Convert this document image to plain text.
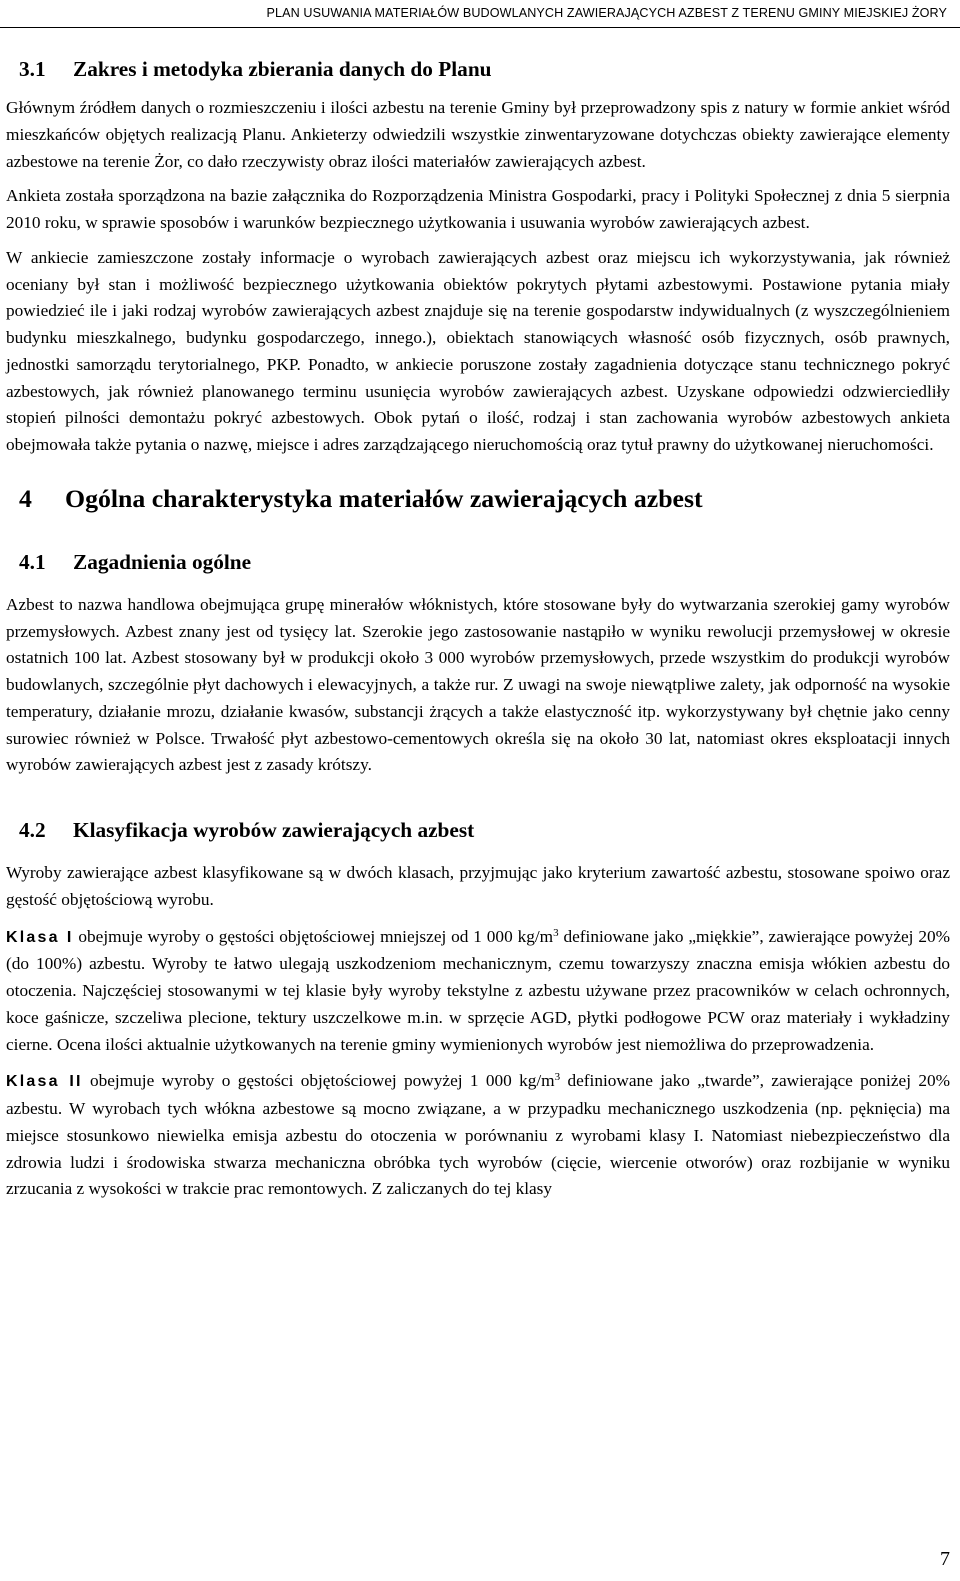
PLAN USUWANIA MATERIAŁÓW BUDOWLANYCH ZAWIERAJĄCYCH AZBEST Z TERENU GMINY MIEJSKIEJ ŻORY
3.1	Zakres i metodyka zbierania danych do Planu

Głównym źródłem danych o rozmieszczeniu i ilości azbestu na terenie Gminy był przeprowadzony spis z natury w formie ankiet wśród mieszkańców objętych realizacją Planu. Ankieterzy odwiedzili wszystkie zinwentaryzowane dotychczas obiekty zawierające elementy azbestowe na terenie Żor, co dało rzeczywisty obraz ilości materiałów zawierających azbest.

Ankieta została sporządzona na bazie załącznika do Rozporządzenia Ministra Gospodarki, pracy i Polityki Społecznej z dnia 5 sierpnia 2010 roku, w sprawie sposobów i warunków bezpiecznego użytkowania i usuwania wyrobów zawierających azbest.

W ankiecie zamieszczone zostały informacje o wyrobach zawierających azbest oraz miejscu ich wykorzystywania, jak również oceniany był stan i możliwość bezpiecznego użytkowania obiektów pokrytych płytami azbestowymi. Postawione pytania miały powiedzieć ile i jaki rodzaj wyrobów zawierających azbest znajduje się na terenie gospodarstw indywidualnych (z wyszczególnieniem budynku mieszkalnego, budynku gospodarczego, innego.), obiektach stanowiących własność osób fizycznych, osób prawnych, jednostki samorządu terytorialnego, PKP. Ponadto, w ankiecie poruszone zostały zagadnienia dotyczące stanu technicznego pokryć azbestowych, jak również planowanego terminu usunięcia wyrobów zawierających azbest. Uzyskane odpowiedzi odzwierciedliły stopień pilności demontażu pokryć azbestowych. Obok pytań o ilość, rodzaj i stan zachowania wyrobów azbestowych ankieta obejmowała także pytania o nazwę, miejsce i adres zarządzającego nieruchomością oraz tytuł prawny do użytkowanej nieruchomości.

4	Ogólna charakterystyka materiałów zawierających azbest
4.1	Zagadnienia ogólne

Azbest to nazwa handlowa obejmująca grupę minerałów włóknistych, które stosowane były do wytwarzania szerokiej gamy wyrobów przemysłowych. Azbest znany jest od tysięcy lat. Szerokie jego zastosowanie nastąpiło w wyniku rewolucji przemysłowej w okresie ostatnich 100 lat. Azbest stosowany był w produkcji około 3 000 wyrobów przemysłowych, przede wszystkim do produkcji wyrobów budowlanych, szczególnie płyt dachowych i elewacyjnych, a także rur. Z uwagi na swoje niewątpliwe zalety, jak odporność na wysokie temperatury, działanie mrozu, działanie kwasów, substancji żrących a także elastyczność itp. wykorzystywany był chętnie jako cenny surowiec również w Polsce. Trwałość płyt azbestowo-cementowych określa się na około 30 lat, natomiast okres eksploatacji innych wyrobów zawierających azbest jest z zasady krótszy.

4.2	Klasyfikacja wyrobów zawierających azbest

Wyroby zawierające azbest klasyfikowane są w dwóch klasach, przyjmując jako kryterium zawartość azbestu, stosowane spoiwo oraz gęstość objętościową wyrobu.

Klasa I obejmuje wyroby o gęstości objętościowej mniejszej od 1 000 $kg/m^3$ definiowane jako „miękkie”, zawierające powyżej 20% (do 100%) azbestu. Wyroby te łatwo ulegają uszkodzeniom mechanicznym, czemu towarzyszy znaczna emisja włókien azbestu do otoczenia. Najczęściej stosowanymi w tej klasie były wyroby tekstylne z azbestu używane przez pracowników w celach ochronnych, koce gaśnicze, szczeliwa plecione, tektury uszczelkowe m.in. w sprzęcie AGD, płytki podłogowe PCW oraz materiały i wykładziny cierne. Ocena ilości aktualnie użytkowanych na terenie gminy wymienionych wyrobów jest niemożliwa do przeprowadzenia.

Klasa II obejmuje wyroby o gęstości objętościowej powyżej 1 000 $kg/m^3$ definiowane jako „twarde”, zawierające poniżej 20% azbestu. W wyrobach tych włókna azbestowe są mocno związane, a w przypadku mechanicznego uszkodzenia (np. pęknięcia) ma miejsce stosunkowo niewielka emisja azbestu do otoczenia w porównaniu z wyrobami klasy I. Natomiast niebezpieczeństwo dla zdrowia ludzi i środowiska stwarza mechaniczna obróbka tych wyrobów (cięcie, wiercenie otworów) oraz rozbijanie w wyniku zrzucania z wysokości w trakcie prac remontowych. Z zaliczanych do tej klasy

7
